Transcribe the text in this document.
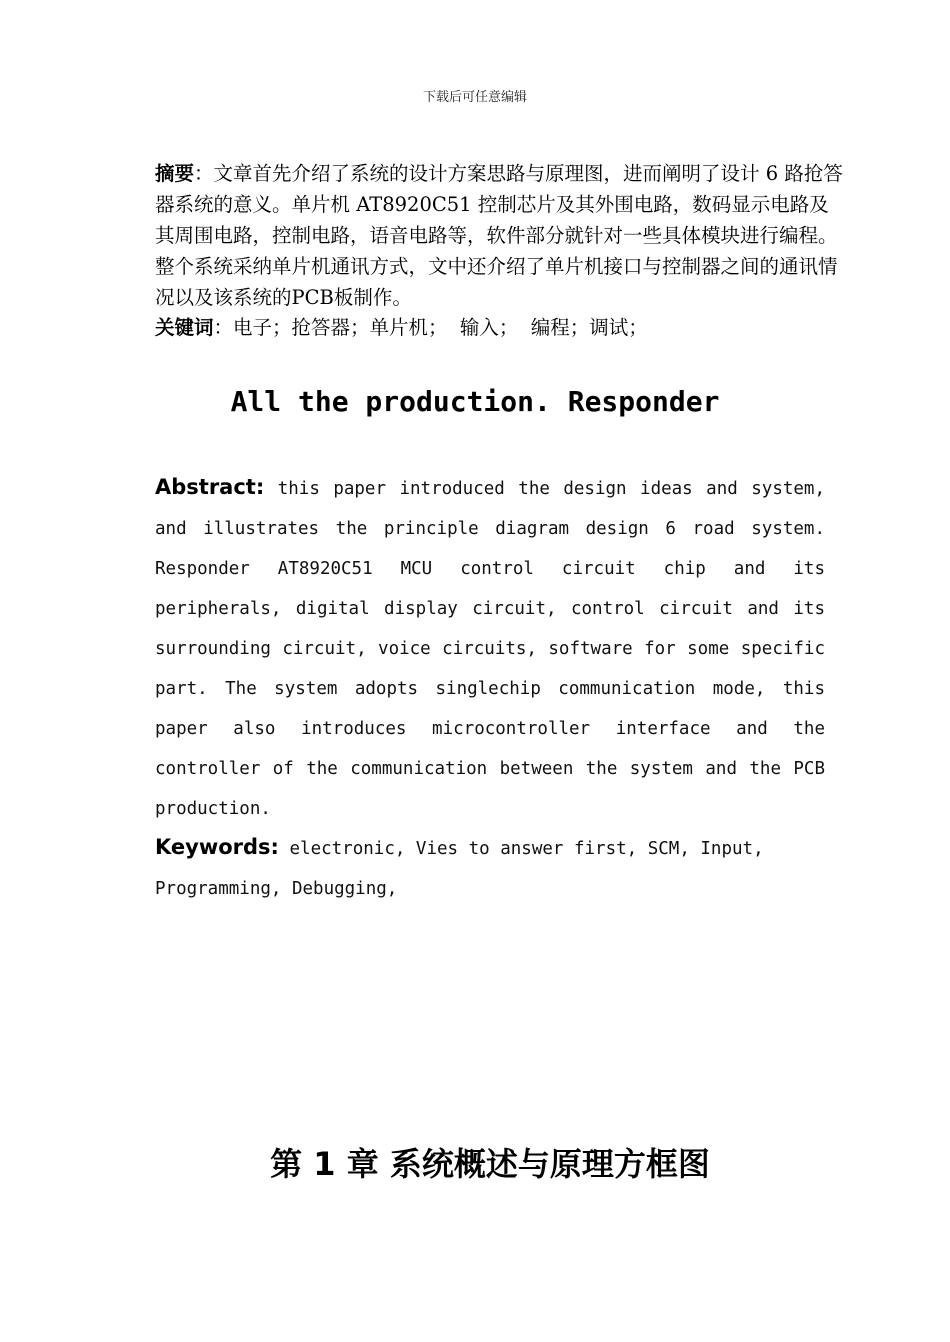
下载后可任意编辑
摘要：文章首先介绍了系统的设计方案思路与原理图，进而阐明了设计 6 路抢答器系统的意义。单片机 AT8920C51 控制芯片及其外围电路，数码显示电路及其周围电路，控制电路，语音电路等，软件部分就针对一些具体模块进行编程。整个系统采纳单片机通讯方式，文中还介绍了单片机接口与控制器之间的通讯情况以及该系统的PCB板制作。
关键词：电子；抢答器；单片机；  输入；  编程；调试；
All the production. Responder
Abstract: this paper introduced the design ideas and system, and illustrates the principle diagram design 6 road system. Responder AT8920C51 MCU control circuit chip and its peripherals, digital display circuit, control circuit and its surrounding circuit, voice circuits, software for some specific part. The system adopts singlechip communication mode, this paper also introduces microcontroller interface and the controller of the communication between the system and the PCB production.
Keywords: electronic, Vies to answer first, SCM, Input, Programming, Debugging,
第 1 章 系统概述与原理方框图
